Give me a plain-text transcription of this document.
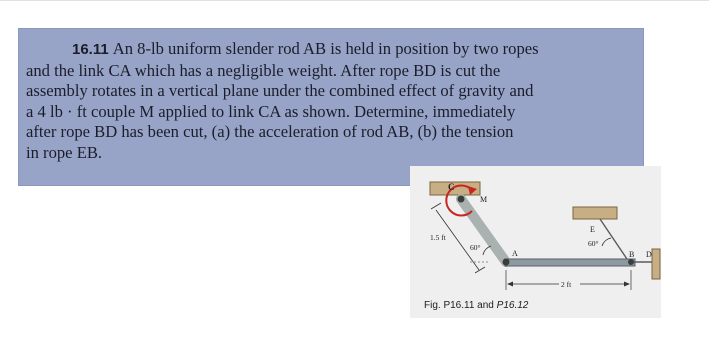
16.11 An 8-lb uniform slender rod AB is held in position by two ropes
and the link CA which has a negligible weight. After rope BD is cut the
assembly rotates in a vertical plane under the combined effect of gravity and
a 4 lb · ft couple M applied to link CA as shown. Determine, immediately
after rope BD has been cut, (a) the acceleration of rod AB, (b) the tension
in rope EB.

C
M
A	B D
E
1.5 ft
60°	60°
2 ft
Fig. P16.11 and P16.12
